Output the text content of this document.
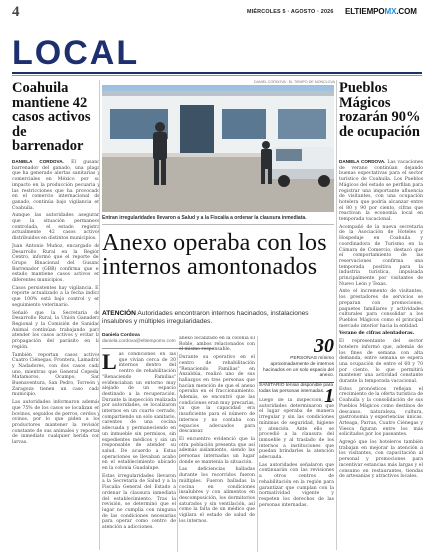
4	MIÉRCOLES 5 · AGOSTO · 2026 ELTIEMPOMX.COM
LOCAL
Coahuila mantiene 42 casos activos de barrenador

DANIELA CORDOVA. El gusano barrenador del ganado, una plaga que ha generado alertas sanitarias y comerciales en México por su impacto en la producción pecuaria y las restricciones que ha provocado en el comercio internacional de ganado, continúa bajo vigilancia en Coahuila.

Aunque las autoridades aseguran que la situación permanece controlada, el estado registra actualmente 42 casos activos distribuidos en distintos municipios.

Juan Antonio Muñoz, encargado de Desarrollo Rural en la Región Centro, informó que el reporte del Grupo Binacional del Gusano Barrenador (GBB) confirma que el estado mantiene casos activos en diferentes municipios.

Casos persistentes hay vigilancia. El reporte actualizado a la fecha indica que 100% está bajo control y en seguimiento veterinario.

Señaló que la Secretaría de Desarrollo Rural, la Unión Ganadera Regional y la Comisión de Sanidad Animal continúan trabajando para atender los casos activos y evitar la propagación del parásito en la región.

También reportan casos activos Cuatro Ciénegas, Frontera, Lamadrid y Nadadores, con dos casos cada uno, mientras que General Cepeda, Matamoros, Ocampo, San Buenaventura, San Pedro, Torreón y Zaragoza tienen un caso cada municipio.

Las autoridades informaron además que 75% de los casos se localizan en bovinos, seguidos de perros, cerdos y ovinos, por lo que piden a los productores mantener la revisión constante de sus animales y reportar de inmediato cualquier herida con larvas.

DANIEL CÓRDOVA · EL TIEMPO DE MONCLOVA
Entran irregularidades llevaron a Salud y a la Fiscalía a ordenar la clausura inmediata.
Anexo operaba con los internos amontonados
ATENCIÓN Autoridades encontraron internos hacinados, instalaciones insalubres y múltiples irregularidades.
Daniela Cordova
daniela.cordova@eltiempomx.com

Las condiciones en las que vivían cerca de 30 internos dentro del centro de rehabilitación "Renaciendo Familias" evidenciaban un entorno muy alejado de un espacio destinado a la recuperación. Durante la inspección realizada por autoridades, se localizaron internos en un cuarto cerrado, compartiendo un solo sanitario, carentes de una cocina adecuada y permaneciendo en un inmueble sin permisos, sin expedientes médicos y sin un responsable de atender su salud. De acuerdo a Estas operaciones se llevaban acabo en el establecimiento ubicado en la colonia Guadalupe.

Estas irregularidades llevaron a la Secretaría de Salud y a la Fiscalía General del Estado a ordenar la clausura inmediata del establecimiento. Tras la revisión, se determinó que el lugar no cumplía con ninguna de las condiciones necesarias para operar como centro de atención a adicciones.

anexo localizado en la colonia El Roble, ambos relacionados con el mismo responsable.

Durante su operativo en el centro de rehabilitación "Renaciendo Familias" en Anzaldúa, realizó uno de sus hallazgos en tres personas que hacían mención de que el anexo operaba en el fraccionamiento. Además, se encontró que las condiciones eran muy precarias, ya que la capacidad era insuficiente para el número de internos y no contaba con espacios adecuados para descansar.

El encuentro evidenció que la otra población presenta que así además aislamiento, siendo las personas internadas un lugar donde se mantenía la situación.

Las deficiencias halladas durante los recorridos fueron múltiples. Fueron halladas la cocina en condiciones insalubres y con alimentos en descomposición, los dormitorios saturados y sin ventilación, así como la falta de un médico que vigilara el estado de salud de los internos.

30
PERSONAS mínimo aproximadamente de internos hacinados en un solo espacio del anexo.
1
SANITARIO tenían disponible para todas las personas internadas.

Luego de la inspección, las autoridades determinaron que el lugar operaba de manera irregular y sin las condiciones mínimas de seguridad, higiene y atención. Ante ello se procedió a la clausura del inmueble y al traslado de los internos a instituciones que puedan brindarles la atención adecuada.

Las autoridades señalaron que continuarán con las revisiones a otros centros de rehabilitación en la región para garantizar que cumplan con la normatividad vigente y respeten los derechos de las personas internadas.

Pueblos Mágicos rozarán 90% de ocupación

DANIELA CORDOVA. Las vacaciones de verano continúan dejando buenas expectativas para el sector turístico de Coahuila. Los Pueblos Mágicos del estado se perfilan para registrar una importante afluencia de visitantes, con una ocupación hotelera que podría alcanzar entre el 80 y 90 por ciento, cifras que reactivan la economía local en temporada vacacional.

Acompañó de la nueva secretaria de la Asociación de Hoteles y Hospedaje en Coahuila y coordinadora de Turismo en la Cámara de Comercio, destacó que el comportamiento de las reservaciones confirma una temporada positiva para la industria turística, impulsada principalmente por visitantes de Nuevo León y Texas.

Ante el incremento de visitantes, los prestadores de servicios se preparan con promociones, paquetes familiares y actividades culturales para consolidar a los Pueblos Mágicos como el principal mercado interior hacia la entidad.

Verano de cifras alentadoras.

El representante del sector hotelero informó que, además de los fines de semana con alta demanda, entre semana se espera una ocupación de entre el 60 y 70 por ciento, lo que permitirá mantener una actividad constante durante la temporada vacacional.

Estos pronósticos reflejan el crecimiento de la oferta turística de Coahuila y la consolidación de sus Pueblos Mágicos como destinos de descanso, naturaleza, cultura, gastronomía y experiencias únicas. Arteaga, Parras, Cuatro Ciénegas y Viesca figuran entre los más solicitados por los paseantes.

Agregó que los hoteleros también trabajan en mejorar la atención a los visitantes, con capacitación al personal y promociones para incentivar estancias más largas y el consumo en restaurantes, tiendas de artesanías y atractivos locales.
